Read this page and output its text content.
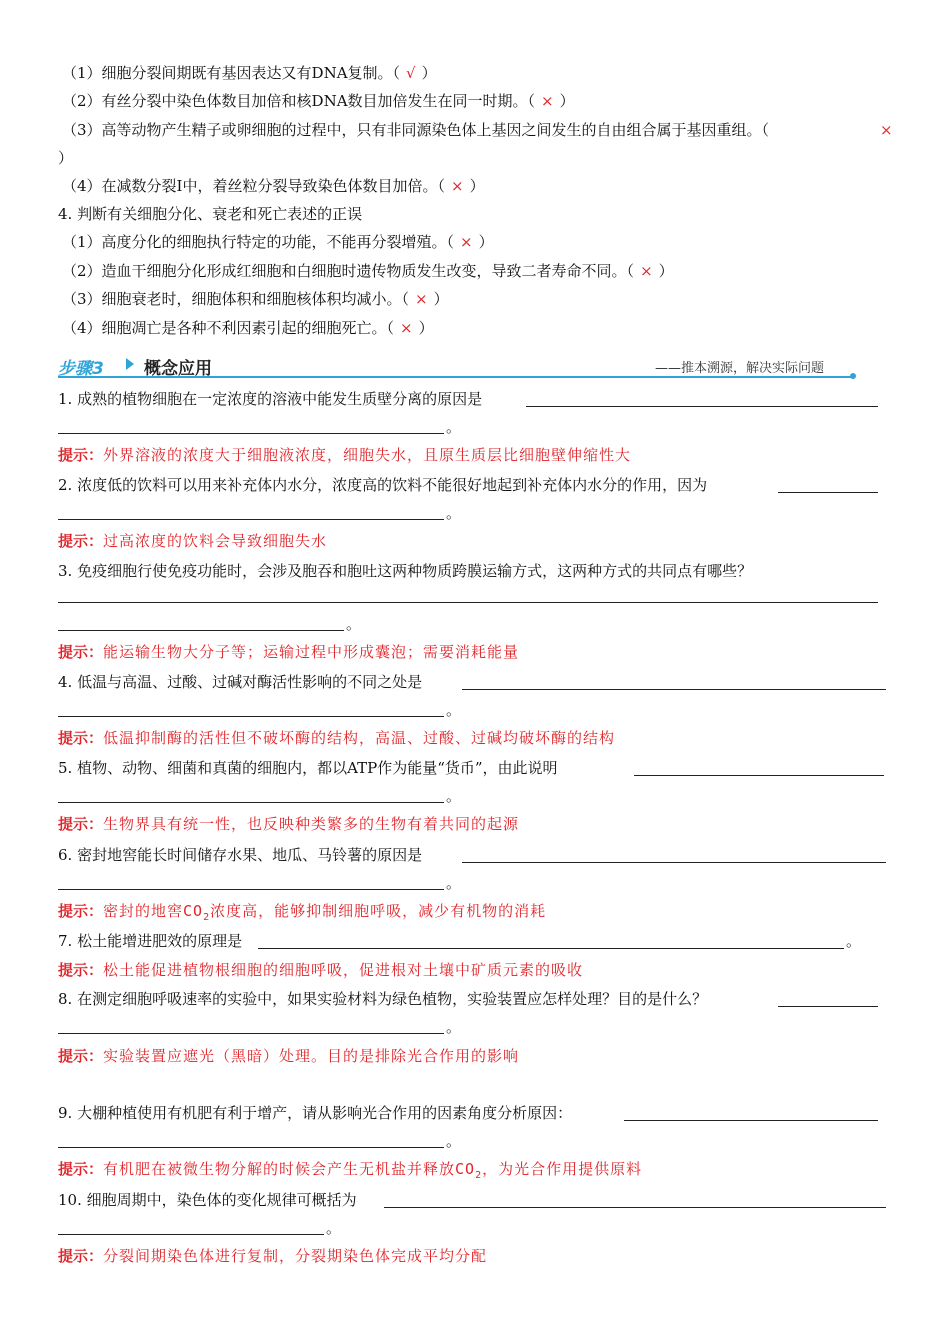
（1）细胞分裂间期既有基因表达又有DNA复制。（ √ ）
（2）有丝分裂中染色体数目加倍和核DNA数目加倍发生在同一时期。（ × ）
（3）高等动物产生精子或卵细胞的过程中，只有非同源染色体上基因之间发生的自由组合属于基因重组。（	×
）
（4）在减数分裂Ⅰ中，着丝粒分裂导致染色体数目加倍。（ × ）
4. 判断有关细胞分化、衰老和死亡表述的正误
（1）高度分化的细胞执行特定的功能，不能再分裂增殖。（ × ）
（2）造血干细胞分化形成红细胞和白细胞时遗传物质发生改变，导致二者寿命不同。（ × ）
（3）细胞衰老时，细胞体积和细胞核体积均减小。（ × ）
（4）细胞凋亡是各种不利因素引起的细胞死亡。（ × ）
步骤3 概念应用	——推本溯源，解决实际问题
1. 成熟的植物细胞在一定浓度的溶液中能发生质壁分离的原因是
。
提示：外界溶液的浓度大于细胞液浓度，细胞失水，且原生质层比细胞壁伸缩性大
2. 浓度低的饮料可以用来补充体内水分，浓度高的饮料不能很好地起到补充体内水分的作用，因为
。
提示：过高浓度的饮料会导致细胞失水
3. 免疫细胞行使免疫功能时，会涉及胞吞和胞吐这两种物质跨膜运输方式，这两种方式的共同点有哪些？
。
提示：能运输生物大分子等；运输过程中形成囊泡；需要消耗能量
4. 低温与高温、过酸、过碱对酶活性影响的不同之处是
。
提示：低温抑制酶的活性但不破坏酶的结构，高温、过酸、过碱均破坏酶的结构
5. 植物、动物、细菌和真菌的细胞内，都以ATP作为能量“货币”，由此说明
。
提示：生物界具有统一性，也反映种类繁多的生物有着共同的起源
6. 密封地窖能长时间储存水果、地瓜、马铃薯的原因是
。
提示：密封的地窖$CO_2$浓度高，能够抑制细胞呼吸，减少有机物的消耗
7. 松土能增进肥效的原理是	。
提示：松土能促进植物根细胞的细胞呼吸，促进根对土壤中矿质元素的吸收
8. 在测定细胞呼吸速率的实验中，如果实验材料为绿色植物，实验装置应怎样处理？目的是什么？
。
提示：实验装置应遮光（黑暗）处理。目的是排除光合作用的影响
9. 大棚种植使用有机肥有利于增产，请从影响光合作用的因素角度分析原因：
。
提示：有机肥在被微生物分解的时候会产生无机盐并释放$CO_2$，为光合作用提供原料
10. 细胞周期中，染色体的变化规律可概括为
。
提示：分裂间期染色体进行复制，分裂期染色体完成平均分配
